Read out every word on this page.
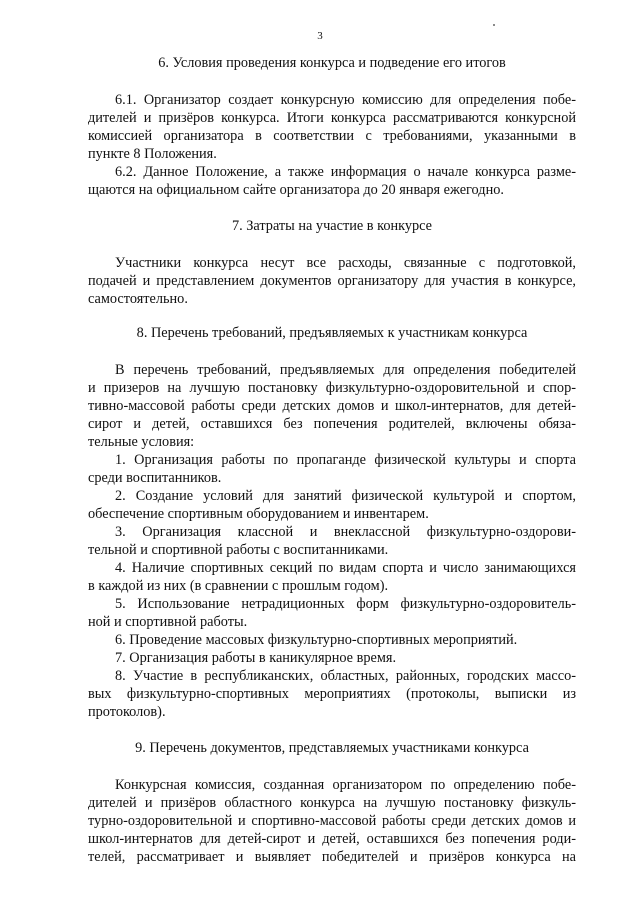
3
6. Условия проведения конкурса и подведение его итогов
6.1. Организатор создает конкурсную комиссию для определения побе-
дителей и призёров конкурса. Итоги конкурса рассматриваются конкурсной
комиссией организатора в соответствии с требованиями, указанными в
пункте 8 Положения.
6.2. Данное Положение, а также информация о начале конкурса разме-
щаются на официальном сайте организатора до 20 января ежегодно.
7. Затраты на участие в конкурсе
Участники конкурса несут все расходы, связанные с подготовкой,
подачей и представлением документов организатору для участия в конкурсе,
самостоятельно.
8. Перечень требований, предъявляемых к участникам конкурса
В перечень требований, предъявляемых для определения победителей
и призеров на лучшую постановку физкультурно-оздоровительной и спор-
тивно-массовой работы среди детских домов и школ-интернатов, для детей-
сирот и детей, оставшихся без попечения родителей, включены обяза-
тельные условия:
1. Организация работы по пропаганде физической культуры и спорта
среди воспитанников.
2. Создание условий для занятий физической культурой и спортом,
обеспечение спортивным оборудованием и инвентарем.
3. Организация классной и внеклассной физкультурно-оздорови-
тельной и спортивной работы с воспитанниками.
4. Наличие спортивных секций по видам спорта и число занимающихся
в каждой из них (в сравнении с прошлым годом).
5. Использование нетрадиционных форм физкультурно-оздоровитель-
ной и спортивной работы.
6. Проведение массовых физкультурно-спортивных мероприятий.
7. Организация работы в каникулярное время.
8. Участие в республиканских, областных, районных, городских массо-
вых физкультурно-спортивных мероприятиях (протоколы, выписки из
протоколов).
9. Перечень документов, представляемых участниками конкурса
Конкурсная комиссия, созданная организатором по определению побе-
дителей и призёров областного конкурса на лучшую постановку физкуль-
турно-оздоровительной и спортивно-массовой работы среди детских домов и
школ-интернатов для детей-сирот и детей, оставшихся без попечения роди-
телей, рассматривает и выявляет победителей и призёров конкурса на
